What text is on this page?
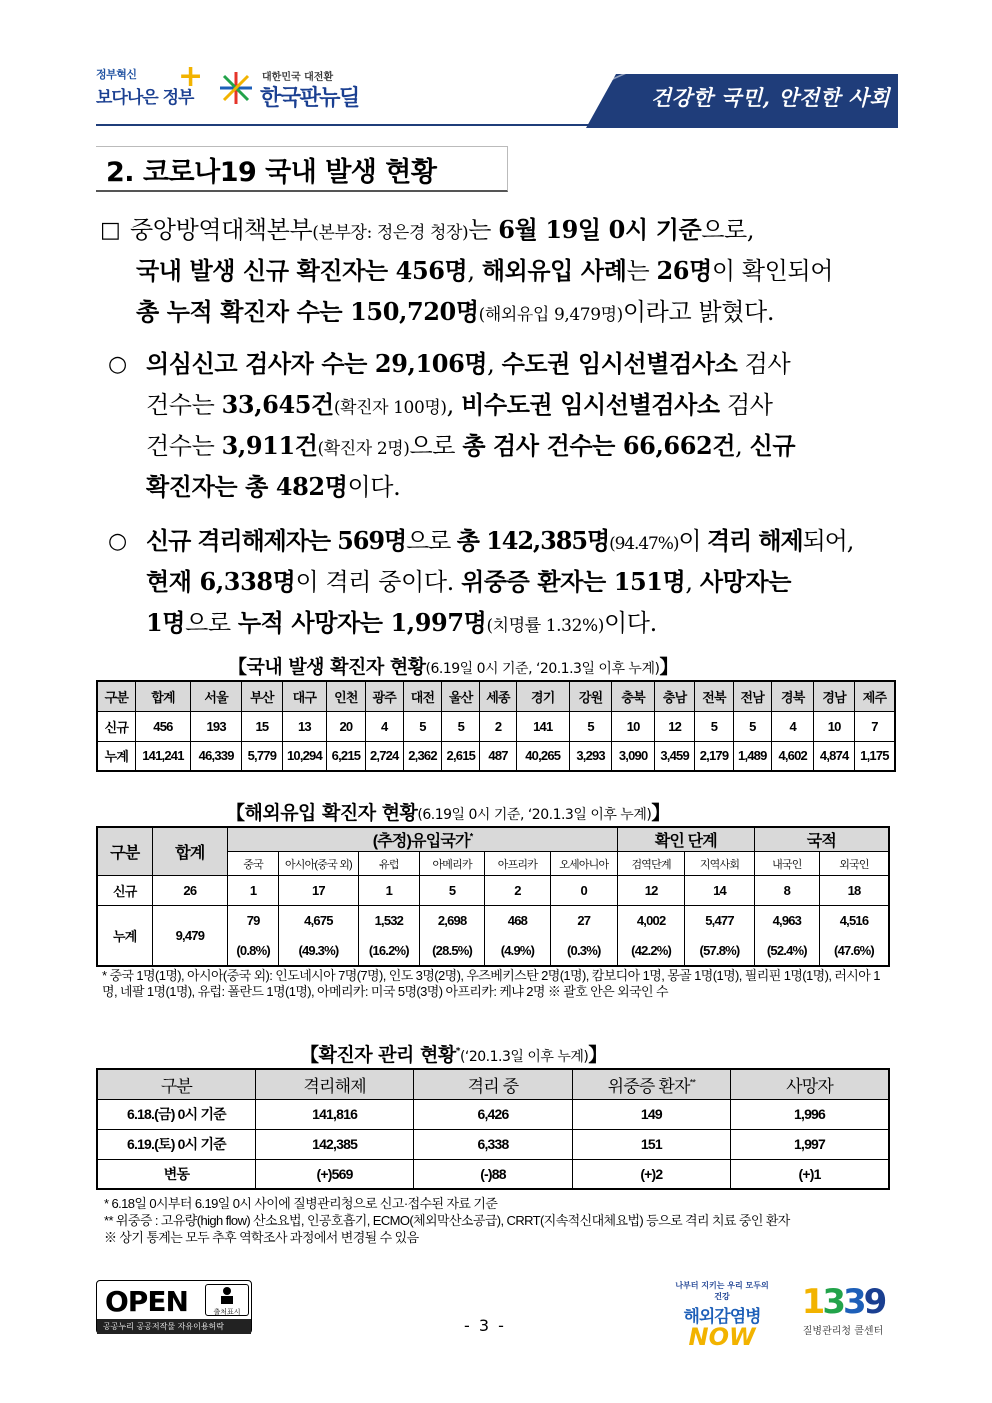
정부혁신
보다나은 정부
+	대한민국 대전환
한국판뉴딜	건강한 국민, 안전한 사회
2. 코로나19 국내 발생 현황
□ 중앙방역대책본부(본부장: 정은경 청장)는 6월 19일 0시 기준으로,
국내 발생 신규 확진자는 456명, 해외유입 사례는 26명이 확인되어
총 누적 확진자 수는 150,720명(해외유입 9,479명)이라고 밝혔다.
○ 의심신고 검사자 수는 29,106명, 수도권 임시선별검사소 검사
건수는 33,645건(확진자 100명), 비수도권 임시선별검사소 검사
건수는 3,911건(확진자 2명)으로 총 검사 건수는 66,662건, 신규
확진자는 총 482명이다.
○ 신규 격리해제자는 569명으로 총 142,385명(94.47%)이 격리 해제되어,
현재 6,338명이 격리 중이다. 위중증 환자는 151명, 사망자는
1명으로 누적 사망자는 1,997명(치명률 1.32%)이다.
【국내 발생 확진자 현황(6.19일 0시 기준, ‘20.1.3일 이후 누계)】
구분	합계	서울	부산	대구	인천	광주	대전	울산	세종	경기	강원	충북	충남	전북	전남	경북	경남	제주
신규	456	193	15	13	20	4	5	5	2	141	5	10	12	5	5	4	10	7
누계	141,241	46,339	5,779	10,294	6,215	2,724	2,362	2,615	487	40,265	3,293	3,090	3,459	2,179	1,489	4,602	4,874	1,175
【해외유입 확진자 현황(6.19일 0시 기준, ‘20.1.3일 이후 누계)】
구분	합계	(추정)유입국가*						확인 단계		국적	
		중국	아시아(중국 외)	유럽	아메리카	아프리카	오세아니아	검역단계	지역사회	내국인	외국인
신규	26	1	17	1	5	2	0	12	14	8	18
누계	9,479	79	4,675	1,532	2,698	468	27	4,002	5,477	4,963	4,516
		(0.8%)	(49.3%)	(16.2%)	(28.5%)	(4.9%)	(0.3%)	(42.2%)	(57.8%)	(52.4%)	(47.6%)
* 중국 1명(1명), 아시아(중국 외): 인도네시아 7명(7명), 인도 3명(2명), 우즈베키스탄 2명(1명), 캄보디아 1명, 몽골 1명(1명), 필리핀 1명(1명), 러시아 1명, 네팔 1명(1명), 유럽: 폴란드 1명(1명), 아메리카: 미국 5명(3명) 아프리카: 케냐 2명 ※ 괄호 안은 외국인 수
【확진자 관리 현황*(‘20.1.3일 이후 누계)】
구분	격리해제	격리 중	위중증 환자**	사망자
6.18.(금) 0시 기준	141,816	6,426	149	1,996
6.19.(토) 0시 기준	142,385	6,338	151	1,997
변동	(+)569	(-)88	(+)2	(+)1
* 6.18일 0시부터 6.19일 0시 사이에 질병관리청으로 신고·접수된 자료 기준
** 위중증 : 고유량(high flow) 산소요법, 인공호흡기, ECMO(체외막산소공급), CRRT(지속적신대체요법) 등으로 격리 치료 중인 환자
※ 상기 통계는 모두 추후 역학조사 과정에서 변경될 수 있음
OPEN	출처표시
공공누리 공공저작물 자유이용허락	- 3 -
나부터 지키는 우리 모두의 건강
해외감염병
NOW
1339
질병관리청 콜센터
